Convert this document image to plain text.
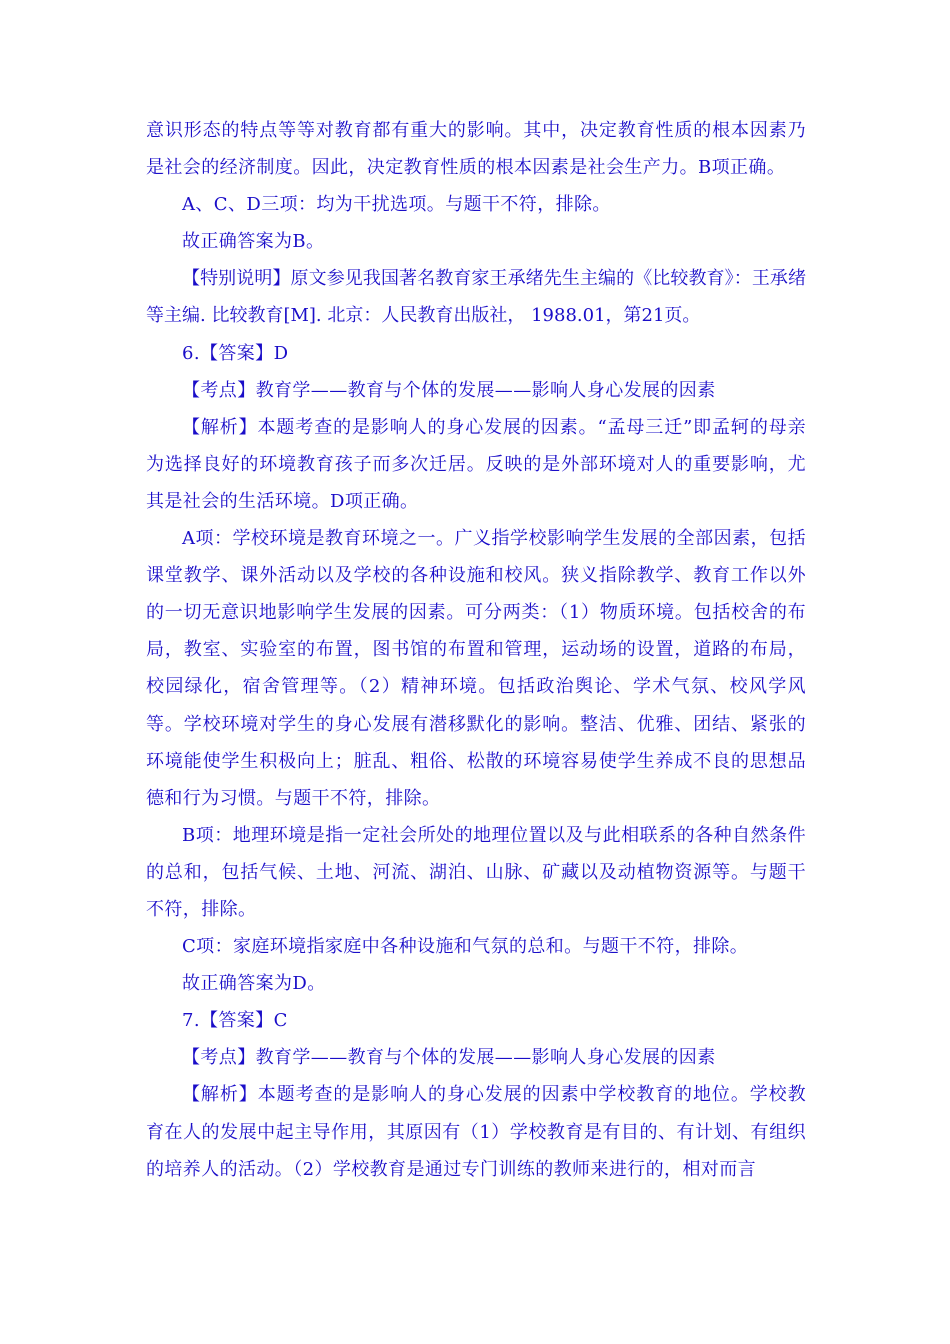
意识形态的特点等等对教育都有重大的影响。其中，决定教育性质的根本因素乃是社会的经济制度。因此，决定教育性质的根本因素是社会生产力。B项正确。

A、C、D三项：均为干扰选项。与题干不符，排除。

故正确答案为B。

【特别说明】原文参见我国著名教育家王承绪先生主编的《比较教育》：王承绪等主编. 比较教育[M]. 北京：人民教育出版社， 1988.01，第21页。

6.【答案】D

【考点】教育学——教育与个体的发展——影响人身心发展的因素

【解析】本题考查的是影响人的身心发展的因素。“孟母三迁”即孟轲的母亲为选择良好的环境教育孩子而多次迁居。反映的是外部环境对人的重要影响，尤其是社会的生活环境。D项正确。

A项：学校环境是教育环境之一。广义指学校影响学生发展的全部因素，包括课堂教学、课外活动以及学校的各种设施和校风。狭义指除教学、教育工作以外的一切无意识地影响学生发展的因素。可分两类：（1）物质环境。包括校舍的布局，教室、实验室的布置，图书馆的布置和管理，运动场的设置，道路的布局，校园绿化，宿舍管理等。（2）精神环境。包括政治舆论、学术气氛、校风学风等。学校环境对学生的身心发展有潜移默化的影响。整洁、优雅、团结、紧张的环境能使学生积极向上；脏乱、粗俗、松散的环境容易使学生养成不良的思想品德和行为习惯。与题干不符，排除。

B项：地理环境是指一定社会所处的地理位置以及与此相联系的各种自然条件的总和，包括气候、土地、河流、湖泊、山脉、矿藏以及动植物资源等。与题干不符，排除。

C项：家庭环境指家庭中各种设施和气氛的总和。与题干不符，排除。

故正确答案为D。

7.【答案】C

【考点】教育学——教育与个体的发展——影响人身心发展的因素

【解析】本题考查的是影响人的身心发展的因素中学校教育的地位。学校教育在人的发展中起主导作用，其原因有（1）学校教育是有目的、有计划、有组织的培养人的活动。（2）学校教育是通过专门训练的教师来进行的，相对而言
